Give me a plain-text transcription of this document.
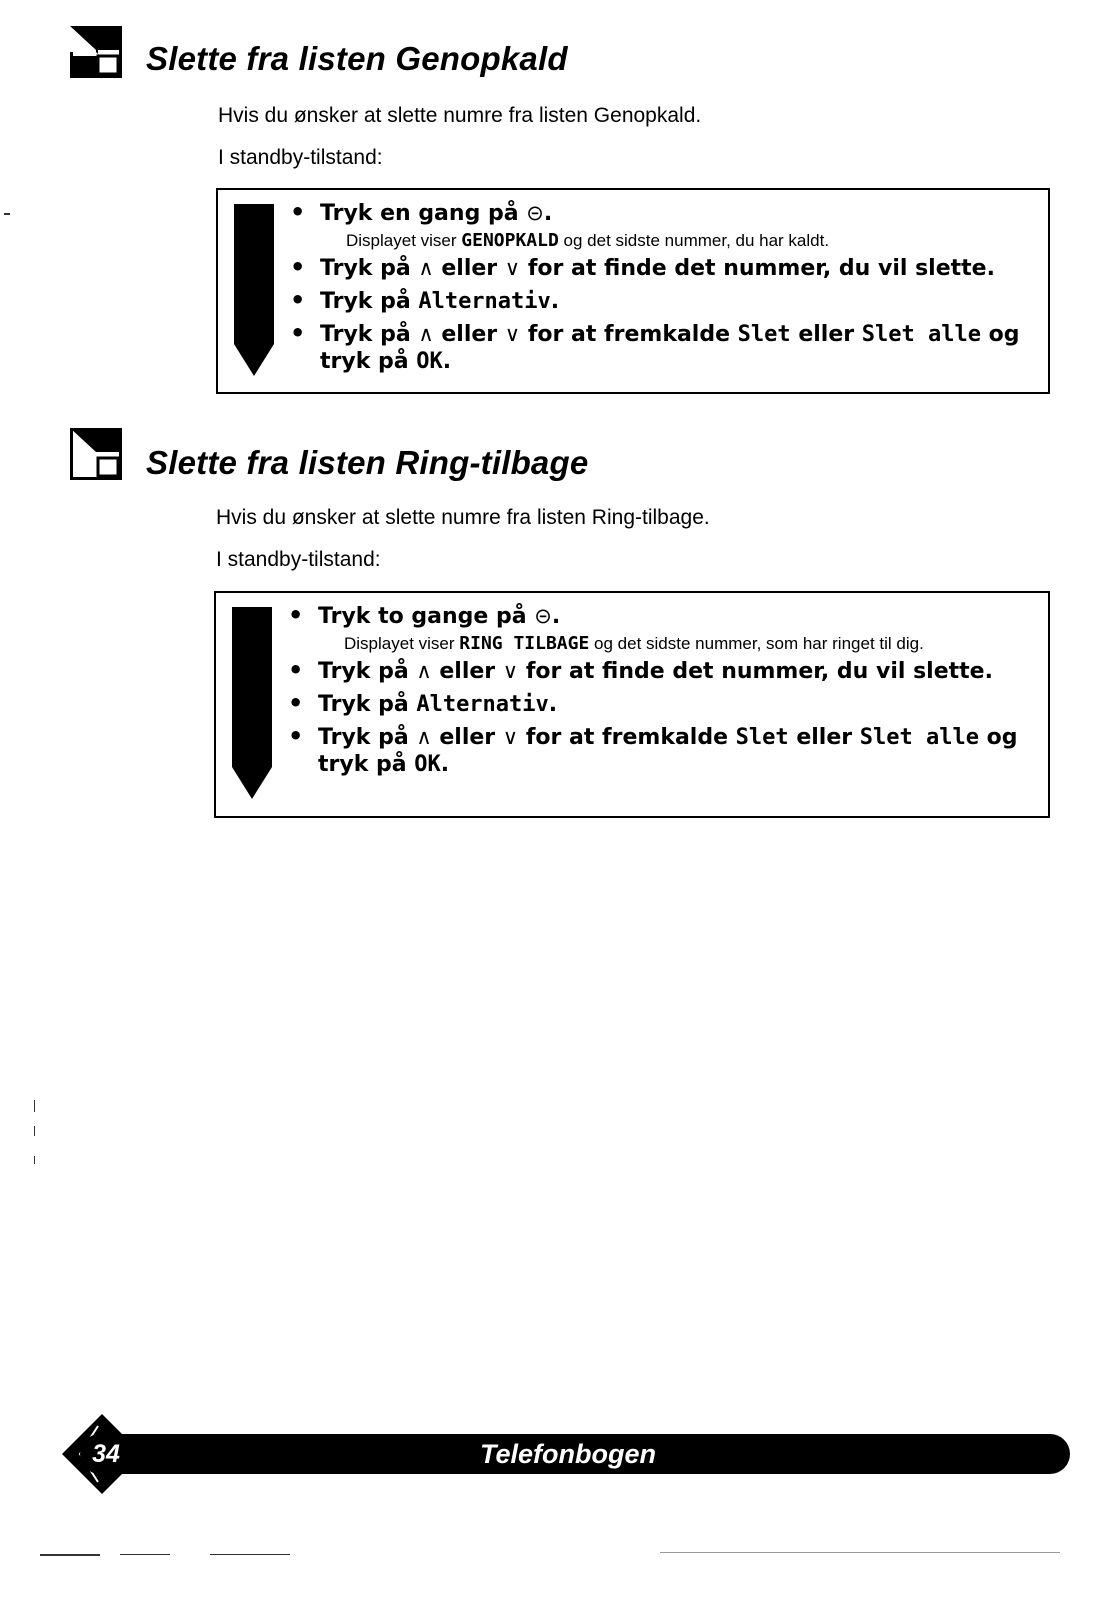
Slette fra listen Genopkald

Hvis du ønsker at slette numre fra listen Genopkald.

I standby-tilstand:

• Tryk en gang på ⊝.
Displayet viser GENOPKALD og det sidste nummer, du har kaldt.
• Tryk på ∧ eller ∨ for at finde det nummer, du vil slette.
• Tryk på Alternativ.
• Tryk på ∧ eller ∨ for at fremkalde Slet eller Slet alle og tryk på OK.
Slette fra listen Ring-tilbage

Hvis du ønsker at slette numre fra listen Ring-tilbage.

I standby-tilstand:

• Tryk to gange på ⊝.
Displayet viser RING TILBAGE og det sidste nummer, som har ringet til dig.
• Tryk på ∧ eller ∨ for at finde det nummer, du vil slette.
• Tryk på Alternativ.
• Tryk på ∧ eller ∨ for at fremkalde Slet eller Slet alle og tryk på OK.
34	Telefonbogen
